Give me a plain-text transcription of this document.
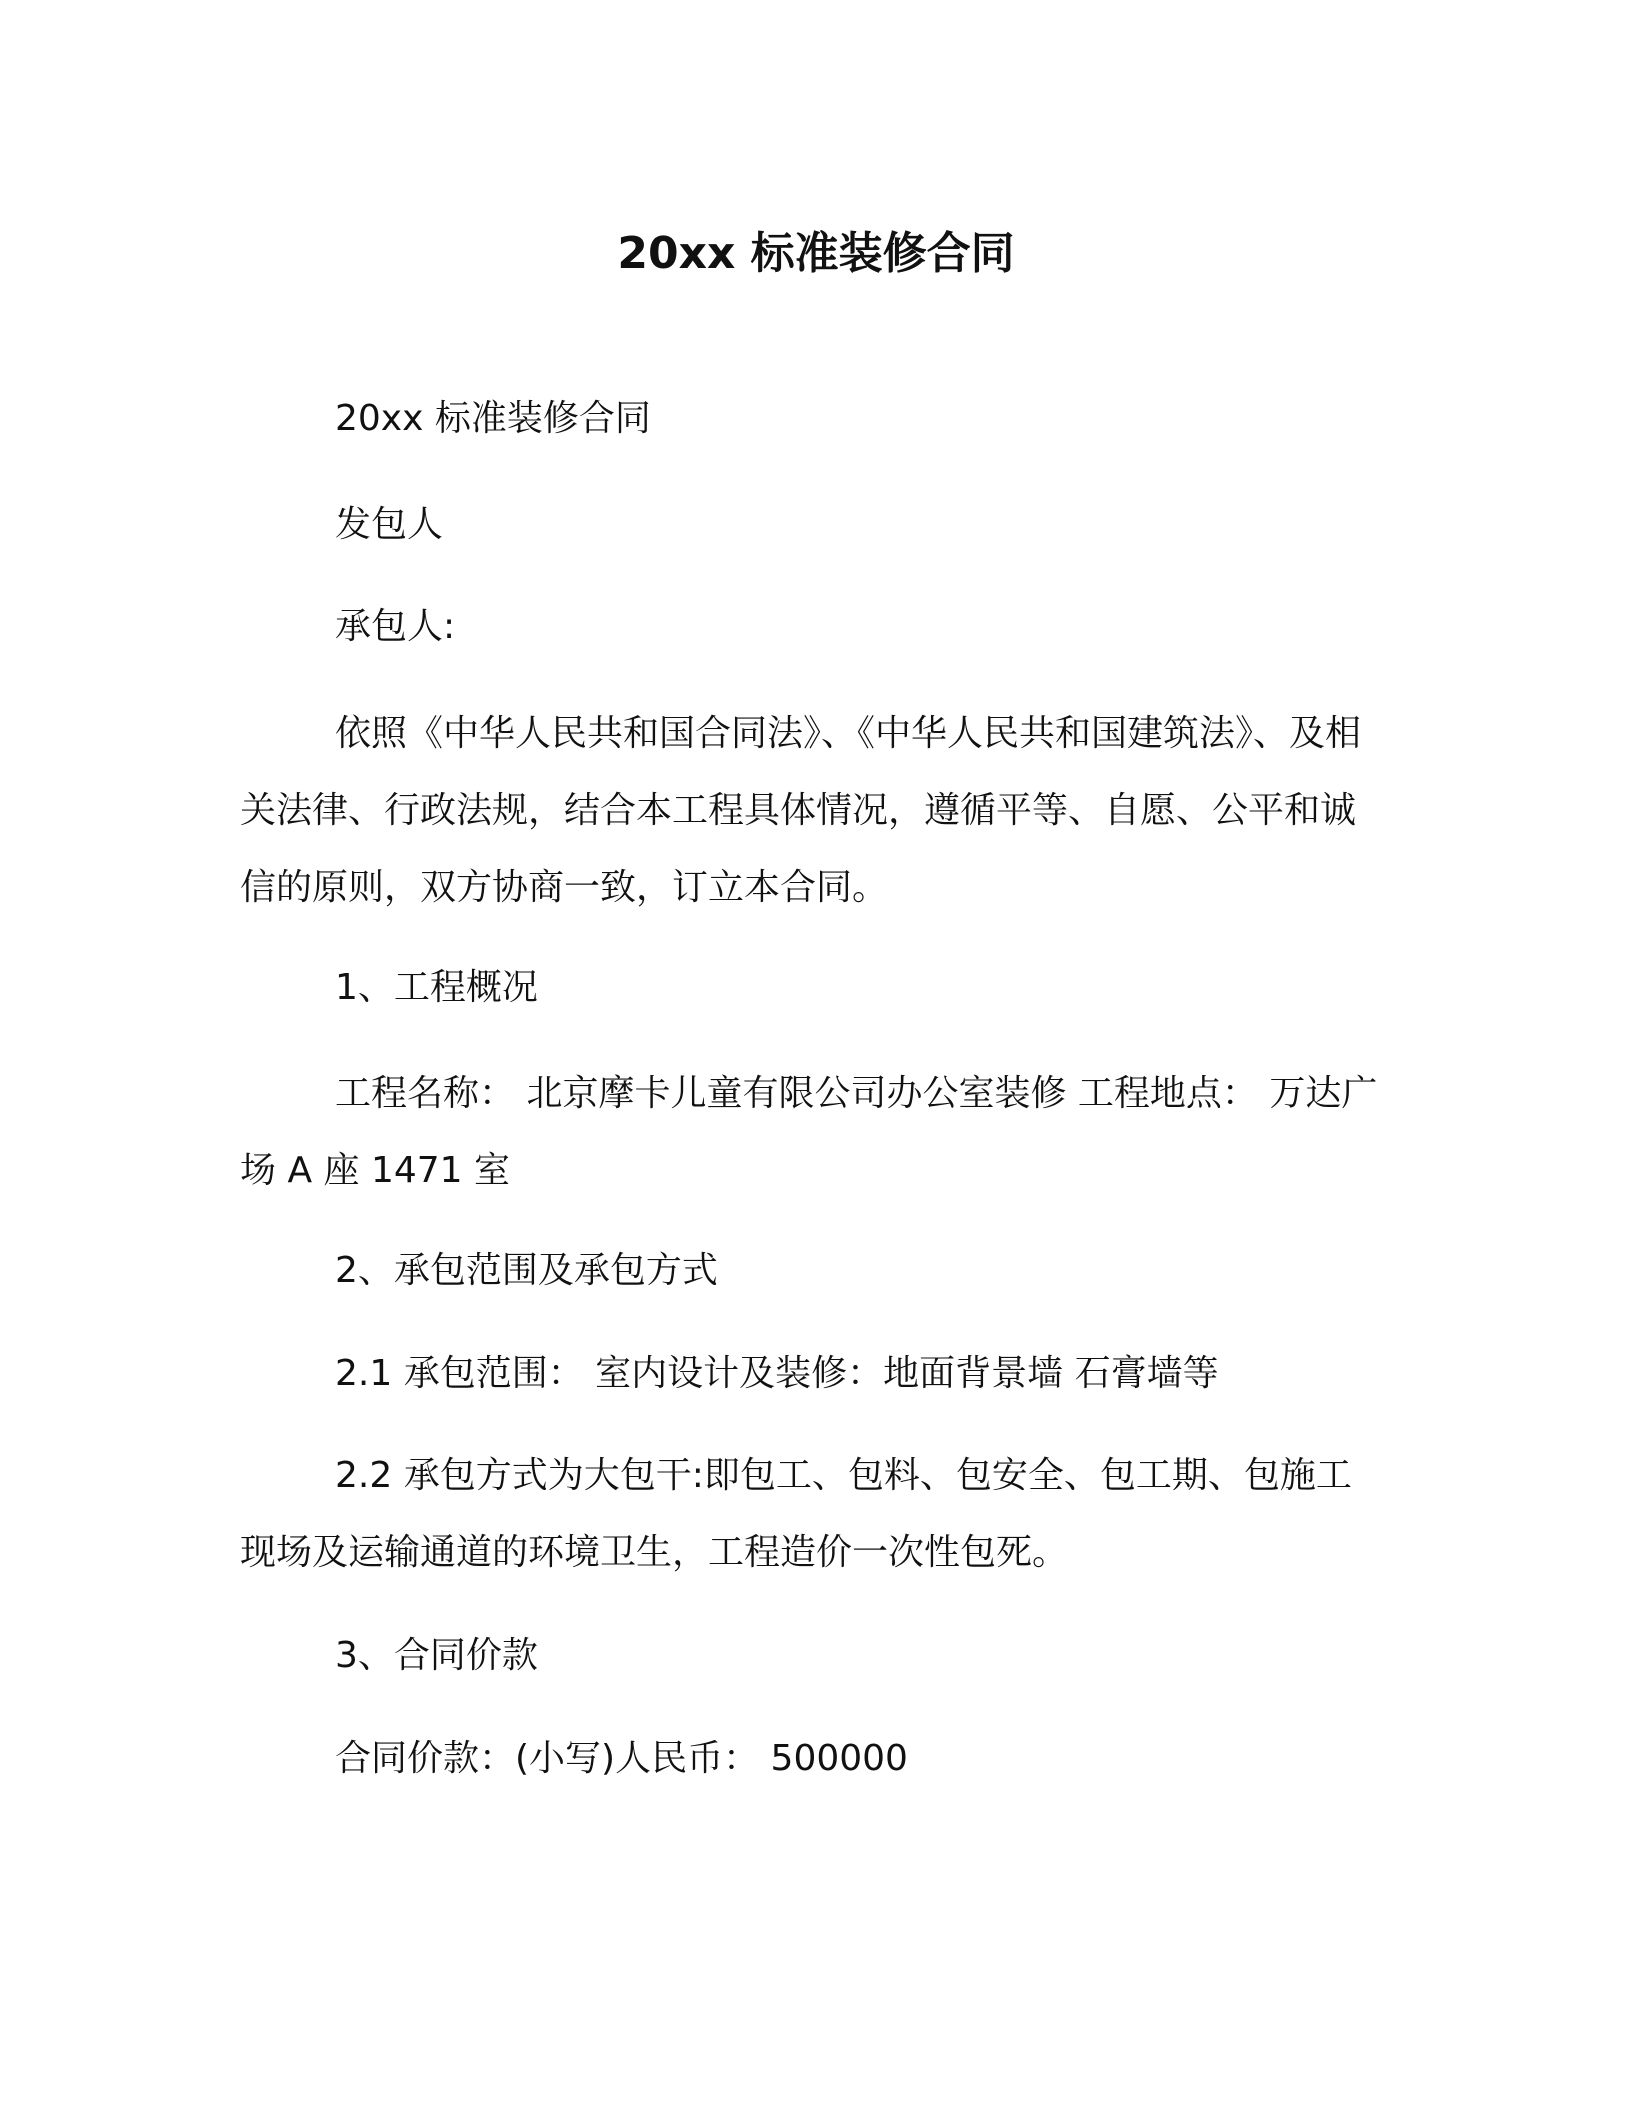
20xx 标准装修合同

20xx 标准装修合同

发包人

承包人:

依照《中华人民共和国合同法》、《中华人民共和国建筑法》、及相关法律、行政法规，结合本工程具体情况，遵循平等、自愿、公平和诚信的原则，双方协商一致，订立本合同。

1、工程概况

工程名称： 北京摩卡儿童有限公司办公室装修 工程地点： 万达广场 A 座 1471 室

2、承包范围及承包方式

2.1 承包范围： 室内设计及装修：地面背景墙 石膏墙等

2.2 承包方式为大包干:即包工、包料、包安全、包工期、包施工现场及运输通道的环境卫生，工程造价一次性包死。

3、合同价款

合同价款：(小写)人民币： 500000
